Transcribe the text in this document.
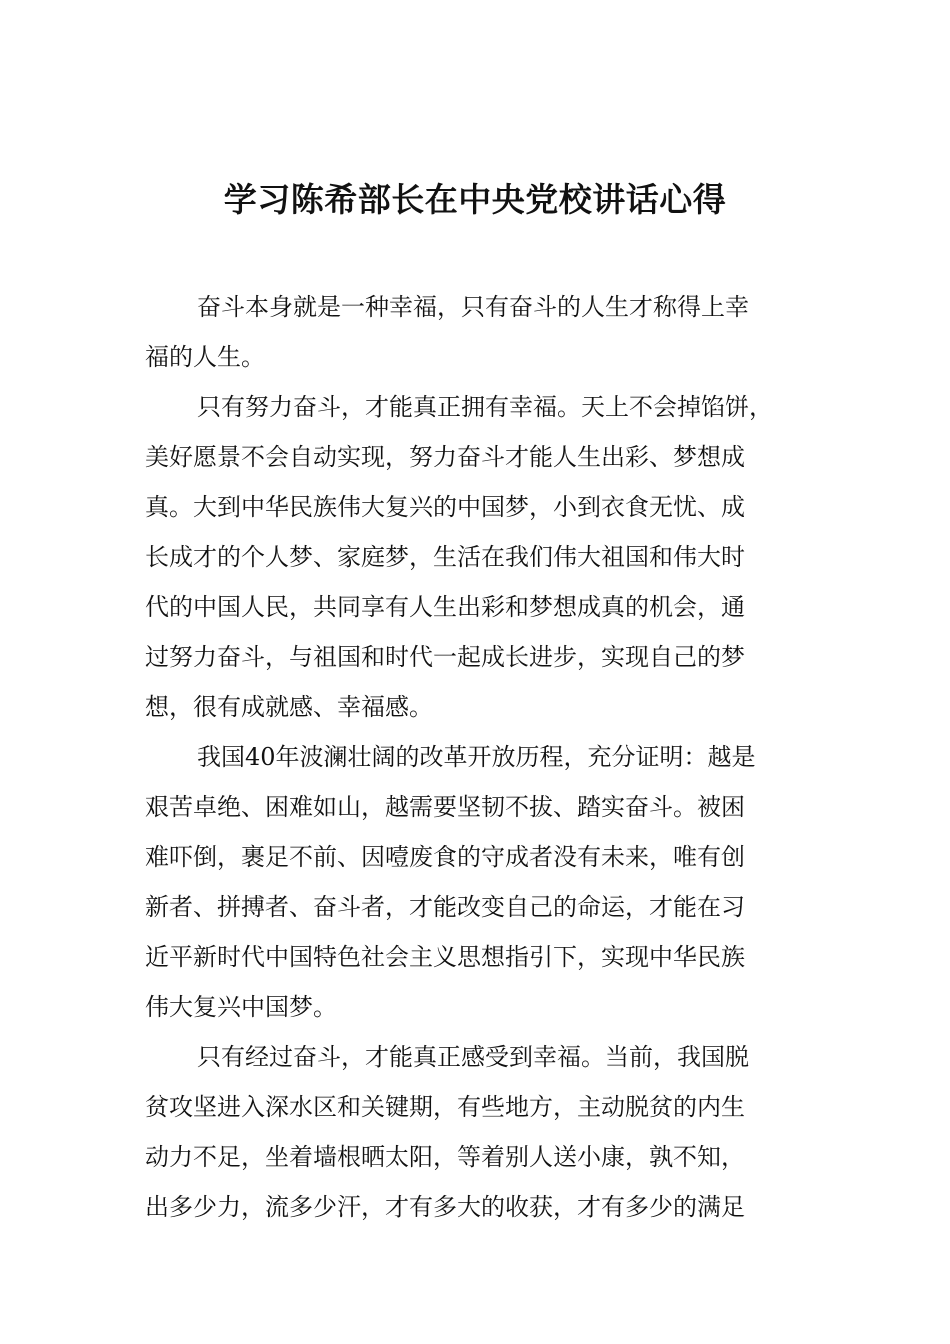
学习陈希部长在中央党校讲话心得
奋斗本身就是一种幸福，只有奋斗的人生才称得上幸
福的人生。
只有努力奋斗，才能真正拥有幸福。天上不会掉馅饼，
美好愿景不会自动实现，努力奋斗才能人生出彩、梦想成
真。大到中华民族伟大复兴的中国梦，小到衣食无忧、成
长成才的个人梦、家庭梦，生活在我们伟大祖国和伟大时
代的中国人民，共同享有人生出彩和梦想成真的机会，通
过努力奋斗，与祖国和时代一起成长进步，实现自己的梦
想，很有成就感、幸福感。
我国40年波澜壮阔的改革开放历程，充分证明：越是
艰苦卓绝、困难如山，越需要坚韧不拔、踏实奋斗。被困
难吓倒，裹足不前、因噎废食的守成者没有未来，唯有创
新者、拼搏者、奋斗者，才能改变自己的命运，才能在习
近平新时代中国特色社会主义思想指引下，实现中华民族
伟大复兴中国梦。
只有经过奋斗，才能真正感受到幸福。当前，我国脱
贫攻坚进入深水区和关键期，有些地方，主动脱贫的内生
动力不足，坐着墙根晒太阳，等着别人送小康，孰不知，
出多少力，流多少汗，才有多大的收获，才有多少的满足
